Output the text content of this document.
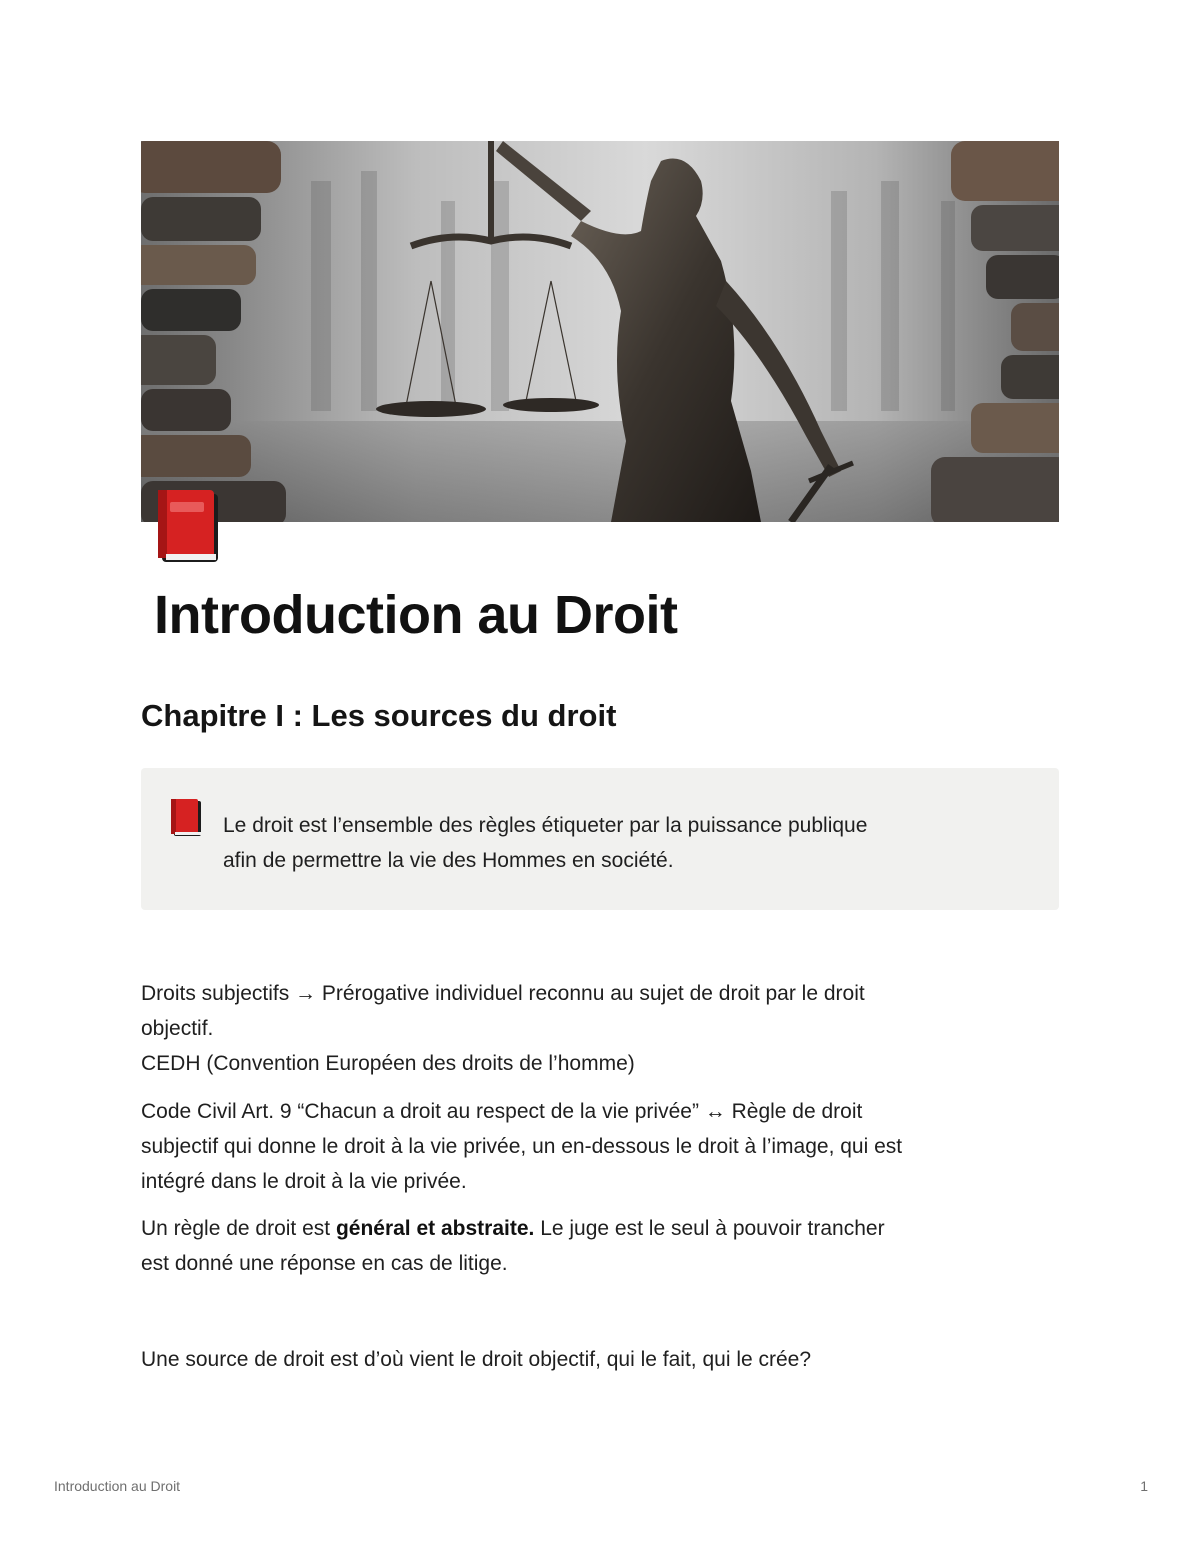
Introduction au Droit
Chapitre I : Les sources du droit
Le droit est l’ensemble des règles étiqueter par la puissance publique
afin de permettre la vie des Hommes en société.
Droits subjectifs → Prérogative individuel reconnu au sujet de droit par le droit
objectif.
CEDH (Convention Européen des droits de l’homme)
Code Civil Art. 9 “Chacun a droit au respect de la vie privée” ↔ Règle de droit
subjectif qui donne le droit à la vie privée, un en-dessous le droit à l’image, qui est
intégré dans le droit à la vie privée.
Un règle de droit est général et abstraite. Le juge est le seul à pouvoir trancher
est donné une réponse en cas de litige.
Une source de droit est d’où vient le droit objectif, qui le fait, qui le crée?
Introduction au Droit	1
